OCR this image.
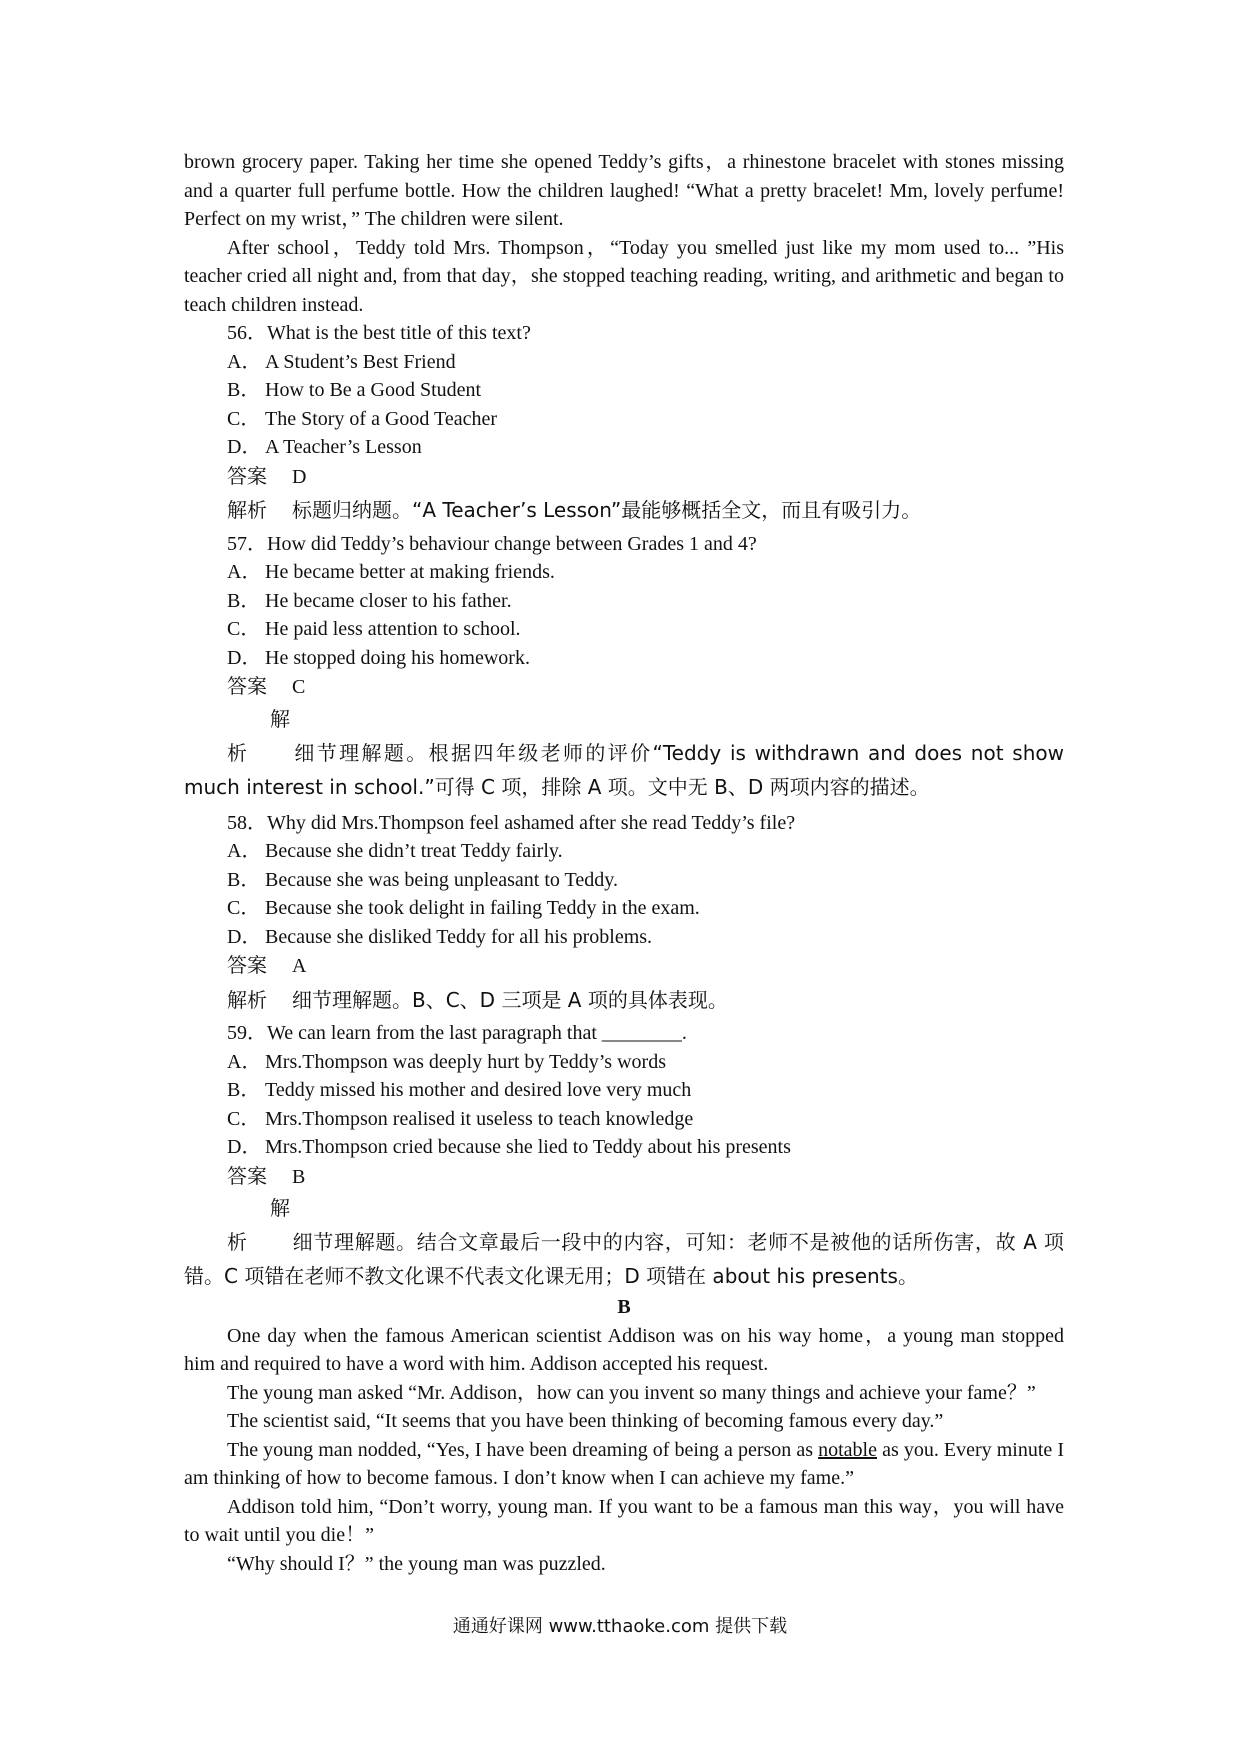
brown grocery paper. Taking her time she opened Teddy’s gifts，a rhinestone bracelet with stones missing and a quarter full perfume bottle. How the children laughed! “What a pretty bracelet! Mm, lovely perfume! Perfect on my wrist，” The children were silent.

After school，Teddy told Mrs. Thompson，“Today you smelled just like my mom used to... ”His teacher cried all night and, from that day，she stopped teaching reading, writing, and arithmetic and began to teach children instead.

56．What is the best title of this text?

A． A Student’s Best Friend

B． How to Be a Good Student

C． The Story of a Good Teacher

D． A Teacher’s Lesson

答案 D

解析 标题归纳题。“A Teacher’s Lesson”最能够概括全文，而且有吸引力。

57．How did Teddy’s behaviour change between Grades 1 and 4?

A． He became better at making friends.

B． He became closer to his father.

C． He paid less attention to school.

D． He stopped doing his homework.

答案 C

解析 细节理解题。根据四年级老师的评价“Teddy is withdrawn and does not show much interest in school.”可得 C 项，排除 A 项。文中无 B、D 两项内容的描述。

58．Why did Mrs.Thompson feel ashamed after she read Teddy’s file?

A． Because she didn’t treat Teddy fairly.

B． Because she was being unpleasant to Teddy.

C． Because she took delight in failing Teddy in the exam.

D． Because she disliked Teddy for all his problems.

答案 A

解析 细节理解题。B、C、D 三项是 A 项的具体表现。

59．We can learn from the last paragraph that ________.

A． Mrs.Thompson was deeply hurt by Teddy’s words

B． Teddy missed his mother and desired love very much

C． Mrs.Thompson realised it useless to teach knowledge

D． Mrs.Thompson cried because she lied to Teddy about his presents

答案 B

解析 细节理解题。结合文章最后一段中的内容，可知：老师不是被他的话所伤害，故 A 项错。C 项错在老师不教文化课不代表文化课无用；D 项错在 about his presents。

B

One day when the famous American scientist Addison was on his way home，a young man stopped him and required to have a word with him. Addison accepted his request.

The young man asked “Mr. Addison，how can you invent so many things and achieve your fame？”

The scientist said, “It seems that you have been thinking of becoming famous every day.”

The young man nodded, “Yes, I have been dreaming of being a person as notable as you. Every minute I am thinking of how to become famous. I don’t know when I can achieve my fame.”

Addison told him, “Don’t worry, young man. If you want to be a famous man this way，you will have to wait until you die！”

“Why should I？” the young man was puzzled.

通通好课网 www.tthaoke.com 提供下载
